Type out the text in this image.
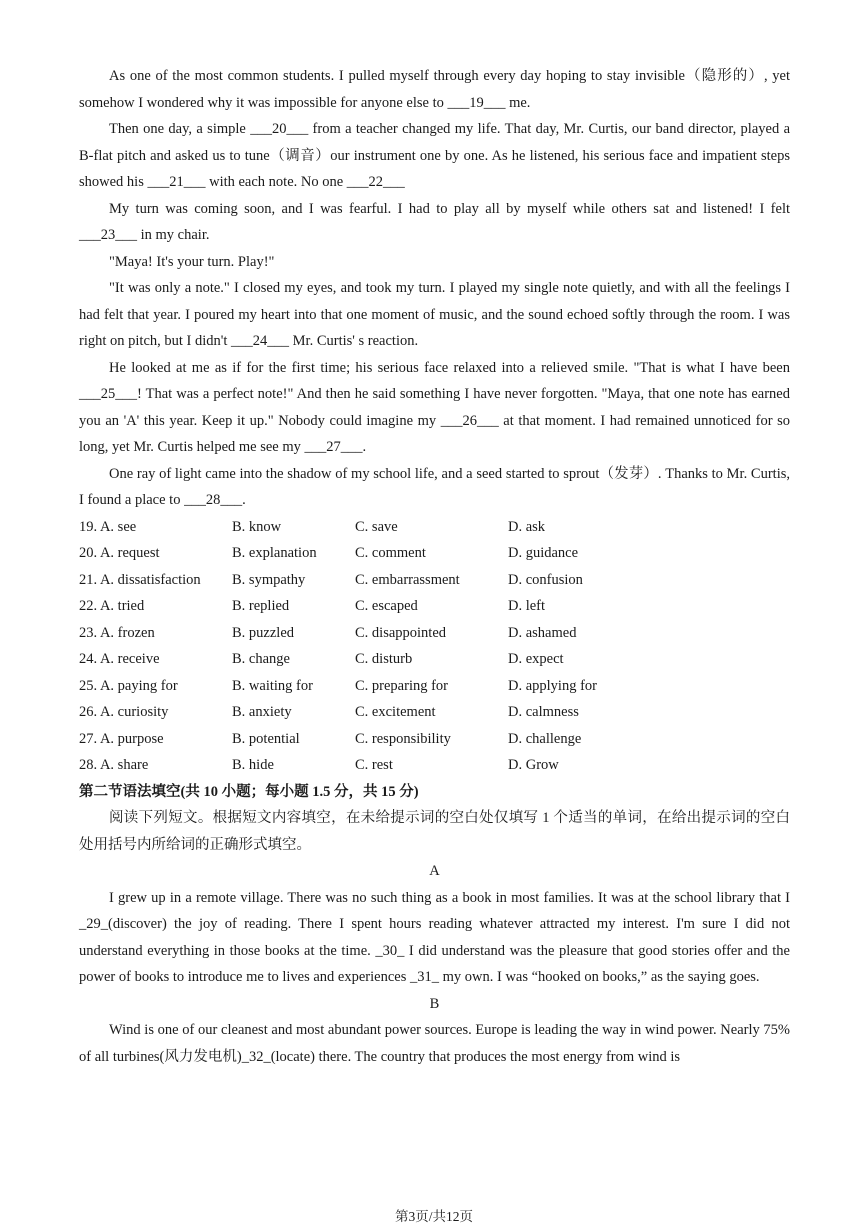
As one of the most common students. I pulled myself through every day hoping to stay invisible（隐形的）, yet somehow I wondered why it was impossible for anyone else to ___19___ me.

Then one day, a simple ___20___ from a teacher changed my life. That day, Mr. Curtis, our band director, played a B-flat pitch and asked us to tune（调音）our instrument one by one. As he listened, his serious face and impatient steps showed his ___21___ with each note. No one ___22___

My turn was coming soon, and I was fearful. I had to play all by myself while others sat and listened! I felt ___23___ in my chair.

"Maya! It's your turn. Play!"

"It was only a note." I closed my eyes, and took my turn. I played my single note quietly, and with all the feelings I had felt that year. I poured my heart into that one moment of music, and the sound echoed softly through the room. I was right on pitch, but I didn't ___24___ Mr. Curtis' s reaction.

He looked at me as if for the first time; his serious face relaxed into a relieved smile. "That is what I have been ___25___! That was a perfect note!" And then he said something I have never forgotten. "Maya, that one note has earned you an 'A' this year. Keep it up." Nobody could imagine my ___26___ at that moment. I had remained unnoticed for so long, yet Mr. Curtis helped me see my ___27___.

One ray of light came into the shadow of my school life, and a seed started to sprout（发芽）. Thanks to Mr. Curtis, I found a place to ___28___.

19. A. see	B. know	C. save	D. ask
20. A. request	B. explanation	C. comment	D. guidance
21. A. dissatisfaction	B. sympathy	C. embarrassment	D. confusion
22. A. tried	B. replied	C. escaped	D. left
23. A. frozen	B. puzzled	C. disappointed	D. ashamed
24. A. receive	B. change	C. disturb	D. expect
25. A. paying for	B. waiting for	C. preparing for	D. applying for
26. A. curiosity	B. anxiety	C. excitement	D. calmness
27. A. purpose	B. potential	C. responsibility	D. challenge
28. A. share	B. hide	C. rest	D. Grow

第二节语法填空(共 10 小题；每小题 1.5 分，共 15 分)

阅读下列短文。根据短文内容填空，在未给提示词的空白处仅填写 1 个适当的单词，在给出提示词的空白处用括号内所给词的正确形式填空。

A

I grew up in a remote village. There was no such thing as a book in most families. It was at the school library that I _29_(discover) the joy of reading. There I spent hours reading whatever attracted my interest. I'm sure I did not understand everything in those books at the time. _30_ I did understand was the pleasure that good stories offer and the power of books to introduce me to lives and experiences _31_ my own. I was “hooked on books,” as the saying goes.

B

Wind is one of our cleanest and most abundant power sources. Europe is leading the way in wind power. Nearly 75% of all turbines(风力发电机)_32_(locate) there. The country that produces the most energy from wind is

第3页/共12页
